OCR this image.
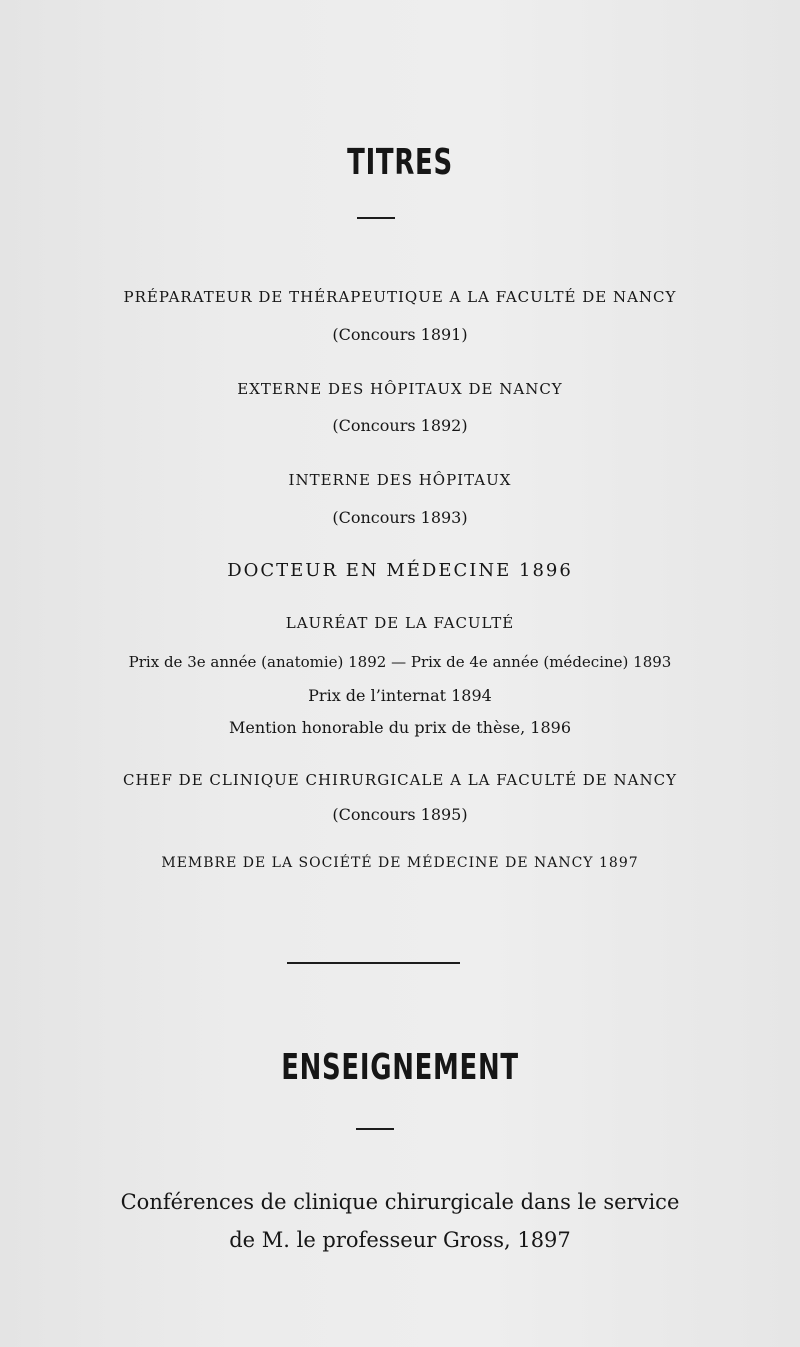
TITRES
PRÉPARATEUR DE THÉRAPEUTIQUE A LA FACULTÉ DE NANCY
(Concours 1891)
EXTERNE DES HÔPITAUX DE NANCY
(Concours 1892)
INTERNE DES HÔPITAUX
(Concours 1893)
DOCTEUR EN MÉDECINE 1896
LAURÉAT DE LA FACULTÉ
Prix de 3e année (anatomie) 1892 — Prix de 4e année (médecine) 1893
Prix de l’internat 1894
Mention honorable du prix de thèse, 1896
CHEF DE CLINIQUE CHIRURGICALE A LA FACULTÉ DE NANCY
(Concours 1895)
MEMBRE DE LA SOCIÉTÉ DE MÉDECINE DE NANCY 1897
ENSEIGNEMENT
Conférences de clinique chirurgicale dans le service
de M. le professeur Gross, 1897
